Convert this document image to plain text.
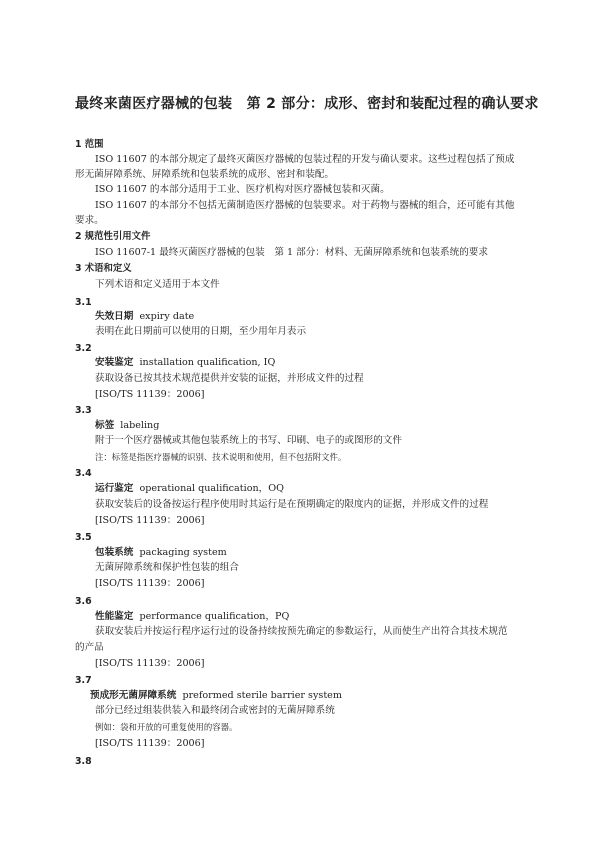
最终来菌医疗器械的包装　第 2 部分：成形、密封和装配过程的确认要求
1 范围
ISO 11607 的本部分规定了最终灭菌医疗器械的包装过程的开发与确认要求。这些过程包括了预成
形无菌屏障系统、屏障系统和包装系统的成形、密封和装配。
ISO 11607 的本部分适用于工业、医疗机构对医疗器械包装和灭菌。
ISO 11607 的本部分不包括无菌制造医疗器械的包装要求。对于药物与器械的组合，还可能有其他
要求。
2 规范性引用文件
ISO 11607-1 最终灭菌医疗器械的包装　第 1 部分：材料、无菌屏障系统和包装系统的要求
3 术语和定义
下列术语和定义适用于本文件
3.1
失效日期 expiry date
表明在此日期前可以使用的日期，至少用年月表示
3.2
安装鉴定 installation qualification, IQ
获取设备已按其技术规范提供并安装的证据，并形成文件的过程
[ISO/TS 11139：2006]
3.3
标签 labeling
附于一个医疗器械或其他包装系统上的书写、印刷、电子的或图形的文件
注：标签是指医疗器械的识别、技术说明和使用，但不包括附文件。
3.4
运行鉴定 operational qualification，OQ
获取安装后的设备按运行程序使用时其运行是在预期确定的限度内的证据，并形成文件的过程
[ISO/TS 11139：2006]
3.5
包装系统 packaging system
无菌屏障系统和保护性包装的组合
[ISO/TS 11139：2006]
3.6
性能鉴定 performance qualification，PQ
获取安装后并按运行程序运行过的设备持续按预先确定的参数运行，从而使生产出符合其技术规范
的产品
[ISO/TS 11139：2006]
3.7
预成形无菌屏障系统 preformed sterile barrier system
部分已经过组装供装入和最终闭合或密封的无菌屏障系统
例如：袋和开放的可重复使用的容器。
[ISO/TS 11139：2006]
3.8
